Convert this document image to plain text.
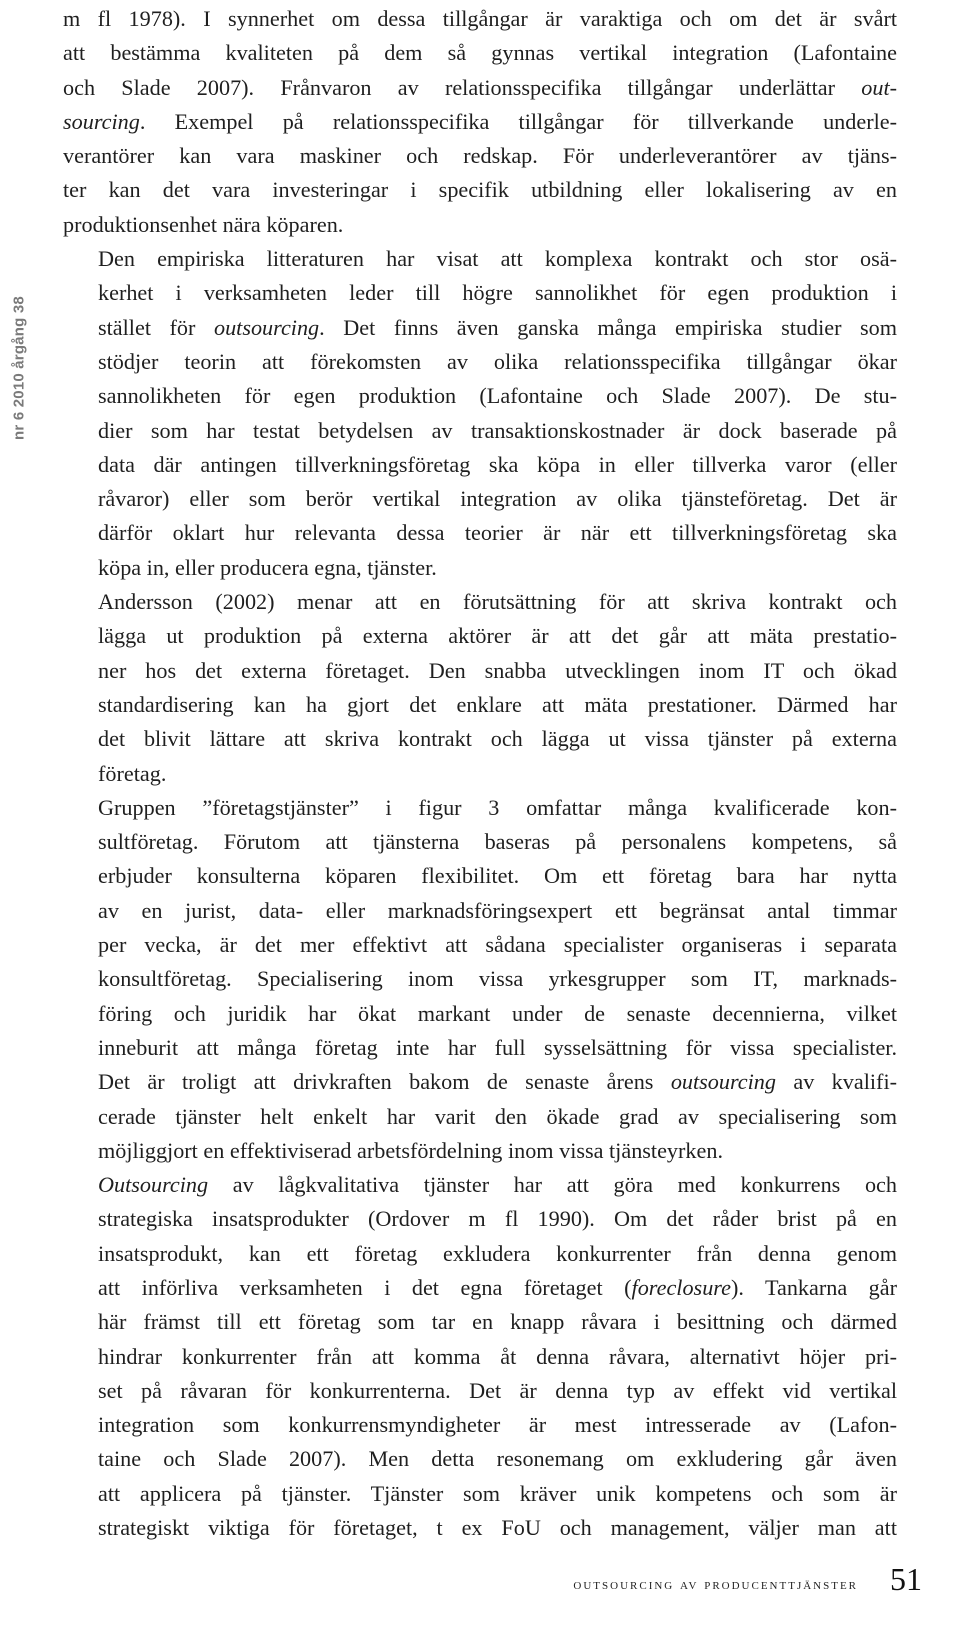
nr 6 2010 årgång 38

m fl 1978). I synnerhet om dessa tillgångar är varaktiga och om det är svårt
att bestämma kvaliteten på dem så gynnas vertikal integration (Lafontaine
och Slade 2007). Frånvaron av relationsspecifika tillgångar underlättar out-
sourcing. Exempel på relationsspecifika tillgångar för tillverkande underle-
verantörer kan vara maskiner och redskap. För underleverantörer av tjäns-
ter kan det vara investeringar i specifik utbildning eller lokalisering av en
produktionsenhet nära köparen.

Den empiriska litteraturen har visat att komplexa kontrakt och stor osä-
kerhet i verksamheten leder till högre sannolikhet för egen produktion i
stället för outsourcing. Det finns även ganska många empiriska studier som
stödjer teorin att förekomsten av olika relationsspecifika tillgångar ökar
sannolikheten för egen produktion (Lafontaine och Slade 2007). De stu-
dier som har testat betydelsen av transaktionskostnader är dock baserade på
data där antingen tillverkningsföretag ska köpa in eller tillverka varor (eller
råvaror) eller som berör vertikal integration av olika tjänsteföretag. Det är
därför oklart hur relevanta dessa teorier är när ett tillverkningsföretag ska
köpa in, eller producera egna, tjänster.

Andersson (2002) menar att en förutsättning för att skriva kontrakt och
lägga ut produktion på externa aktörer är att det går att mäta prestatio-
ner hos det externa företaget. Den snabba utvecklingen inom IT och ökad
standardisering kan ha gjort det enklare att mäta prestationer. Därmed har
det blivit lättare att skriva kontrakt och lägga ut vissa tjänster på externa
företag.

Gruppen ”företagstjänster” i figur 3 omfattar många kvalificerade kon-
sultföretag. Förutom att tjänsterna baseras på personalens kompetens, så
erbjuder konsulterna köparen flexibilitet. Om ett företag bara har nytta
av en jurist, data- eller marknadsföringsexpert ett begränsat antal timmar
per vecka, är det mer effektivt att sådana specialister organiseras i separata
konsultföretag. Specialisering inom vissa yrkesgrupper som IT, marknads-
föring och juridik har ökat markant under de senaste decennierna, vilket
inneburit att många företag inte har full sysselsättning för vissa specialister.
Det är troligt att drivkraften bakom de senaste årens outsourcing av kvalifi-
cerade tjänster helt enkelt har varit den ökade grad av specialisering som
möjliggjort en effektiviserad arbetsfördelning inom vissa tjänsteyrken.

Outsourcing av lågkvalitativa tjänster har att göra med konkurrens och
strategiska insatsprodukter (Ordover m fl 1990). Om det råder brist på en
insatsprodukt, kan ett företag exkludera konkurrenter från denna genom
att införliva verksamheten i det egna företaget (foreclosure). Tankarna går
här främst till ett företag som tar en knapp råvara i besittning och därmed
hindrar konkurrenter från att komma åt denna råvara, alternativt höjer pri-
set på råvaran för konkurrenterna. Det är denna typ av effekt vid vertikal
integration som konkurrensmyndigheter är mest intresserade av (Lafon-
taine och Slade 2007). Men detta resonemang om exkludering går även
att applicera på tjänster. Tjänster som kräver unik kompetens och som är
strategiskt viktiga för företaget, t ex FoU och management, väljer man att

outsourcing av producenttjänster 51
